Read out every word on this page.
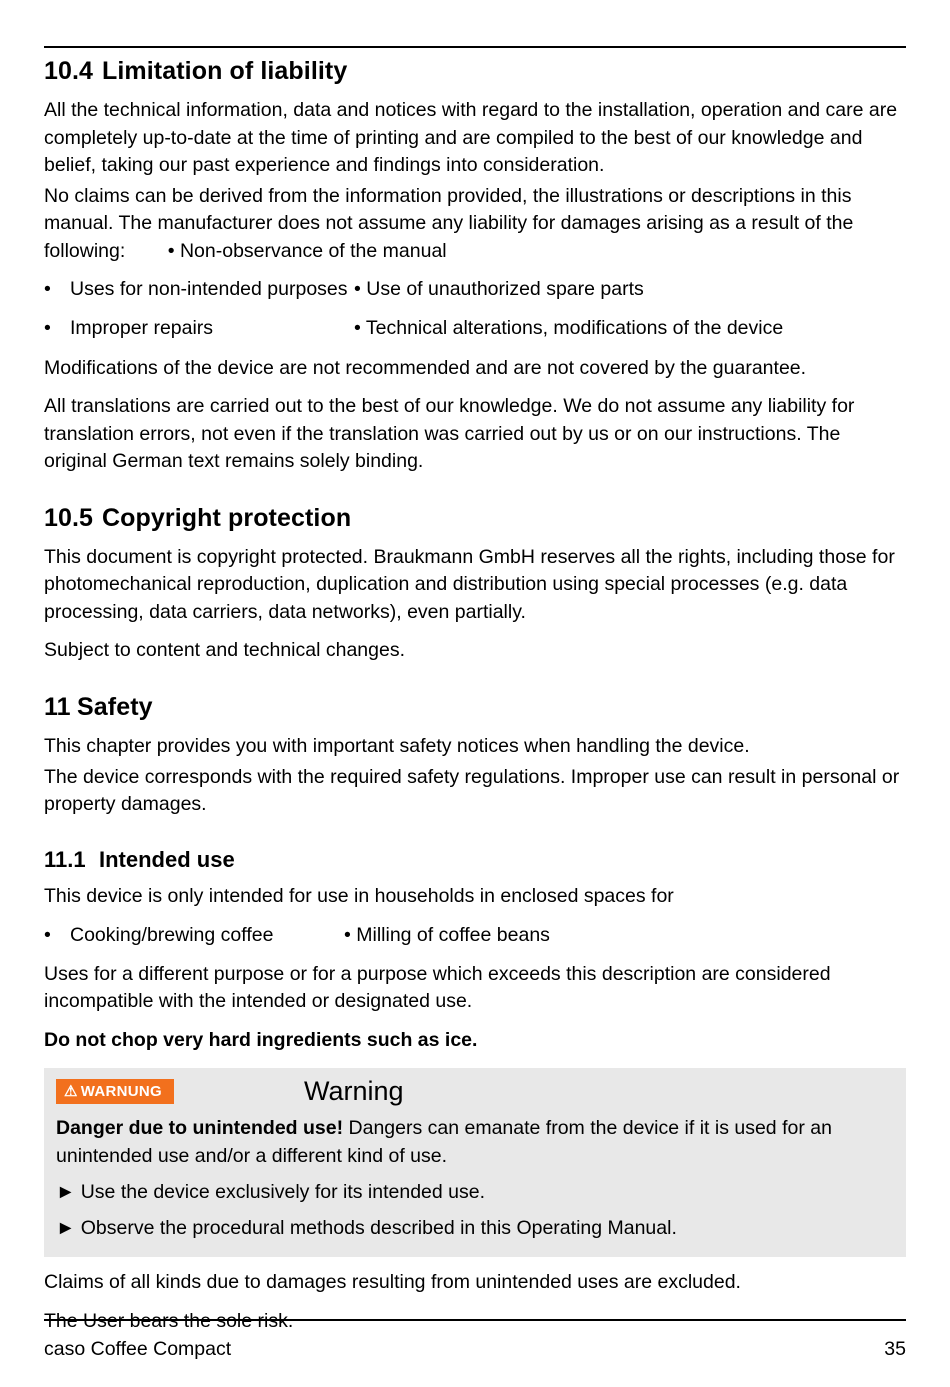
10.4 Limitation of liability

All the technical information, data and notices with regard to the installation, operation and care are completely up-to-date at the time of printing and are compiled to the best of our knowledge and belief, taking our past experience and findings into consideration.

No claims can be derived from the information provided, the illustrations or descriptions in this manual. The manufacturer does not assume any liability for damages arising as a result of the following: • Non-observance of the manual

• Uses for non-intended purposes • Use of unauthorized spare parts
• Improper repairs	• Technical alterations, modifications of the device

Modifications of the device are not recommended and are not covered by the guarantee.

All translations are carried out to the best of our knowledge. We do not assume any liability for translation errors, not even if the translation was carried out by us or on our instructions. The original German text remains solely binding.

10.5 Copyright protection

This document is copyright protected. Braukmann GmbH reserves all the rights, including those for photomechanical reproduction, duplication and distribution using special processes (e.g. data processing, data carriers, data networks), even partially.

Subject to content and technical changes.

11 Safety

This chapter provides you with important safety notices when handling the device.

The device corresponds with the required safety regulations. Improper use can result in personal or property damages.

11.1 Intended use

This device is only intended for use in households in enclosed spaces for

• Cooking/brewing coffee	• Milling of coffee beans

Uses for a different purpose or for a purpose which exceeds this description are considered incompatible with the intended or designated use.

Do not chop very hard ingredients such as ice.

⚠ WARNUNG	Warning

Danger due to unintended use! Dangers can emanate from the device if it is used for an unintended use and/or a different kind of use.

► Use the device exclusively for its intended use.

► Observe the procedural methods described in this Operating Manual.

Claims of all kinds due to damages resulting from unintended uses are excluded.

caso Coffee Compact	35
